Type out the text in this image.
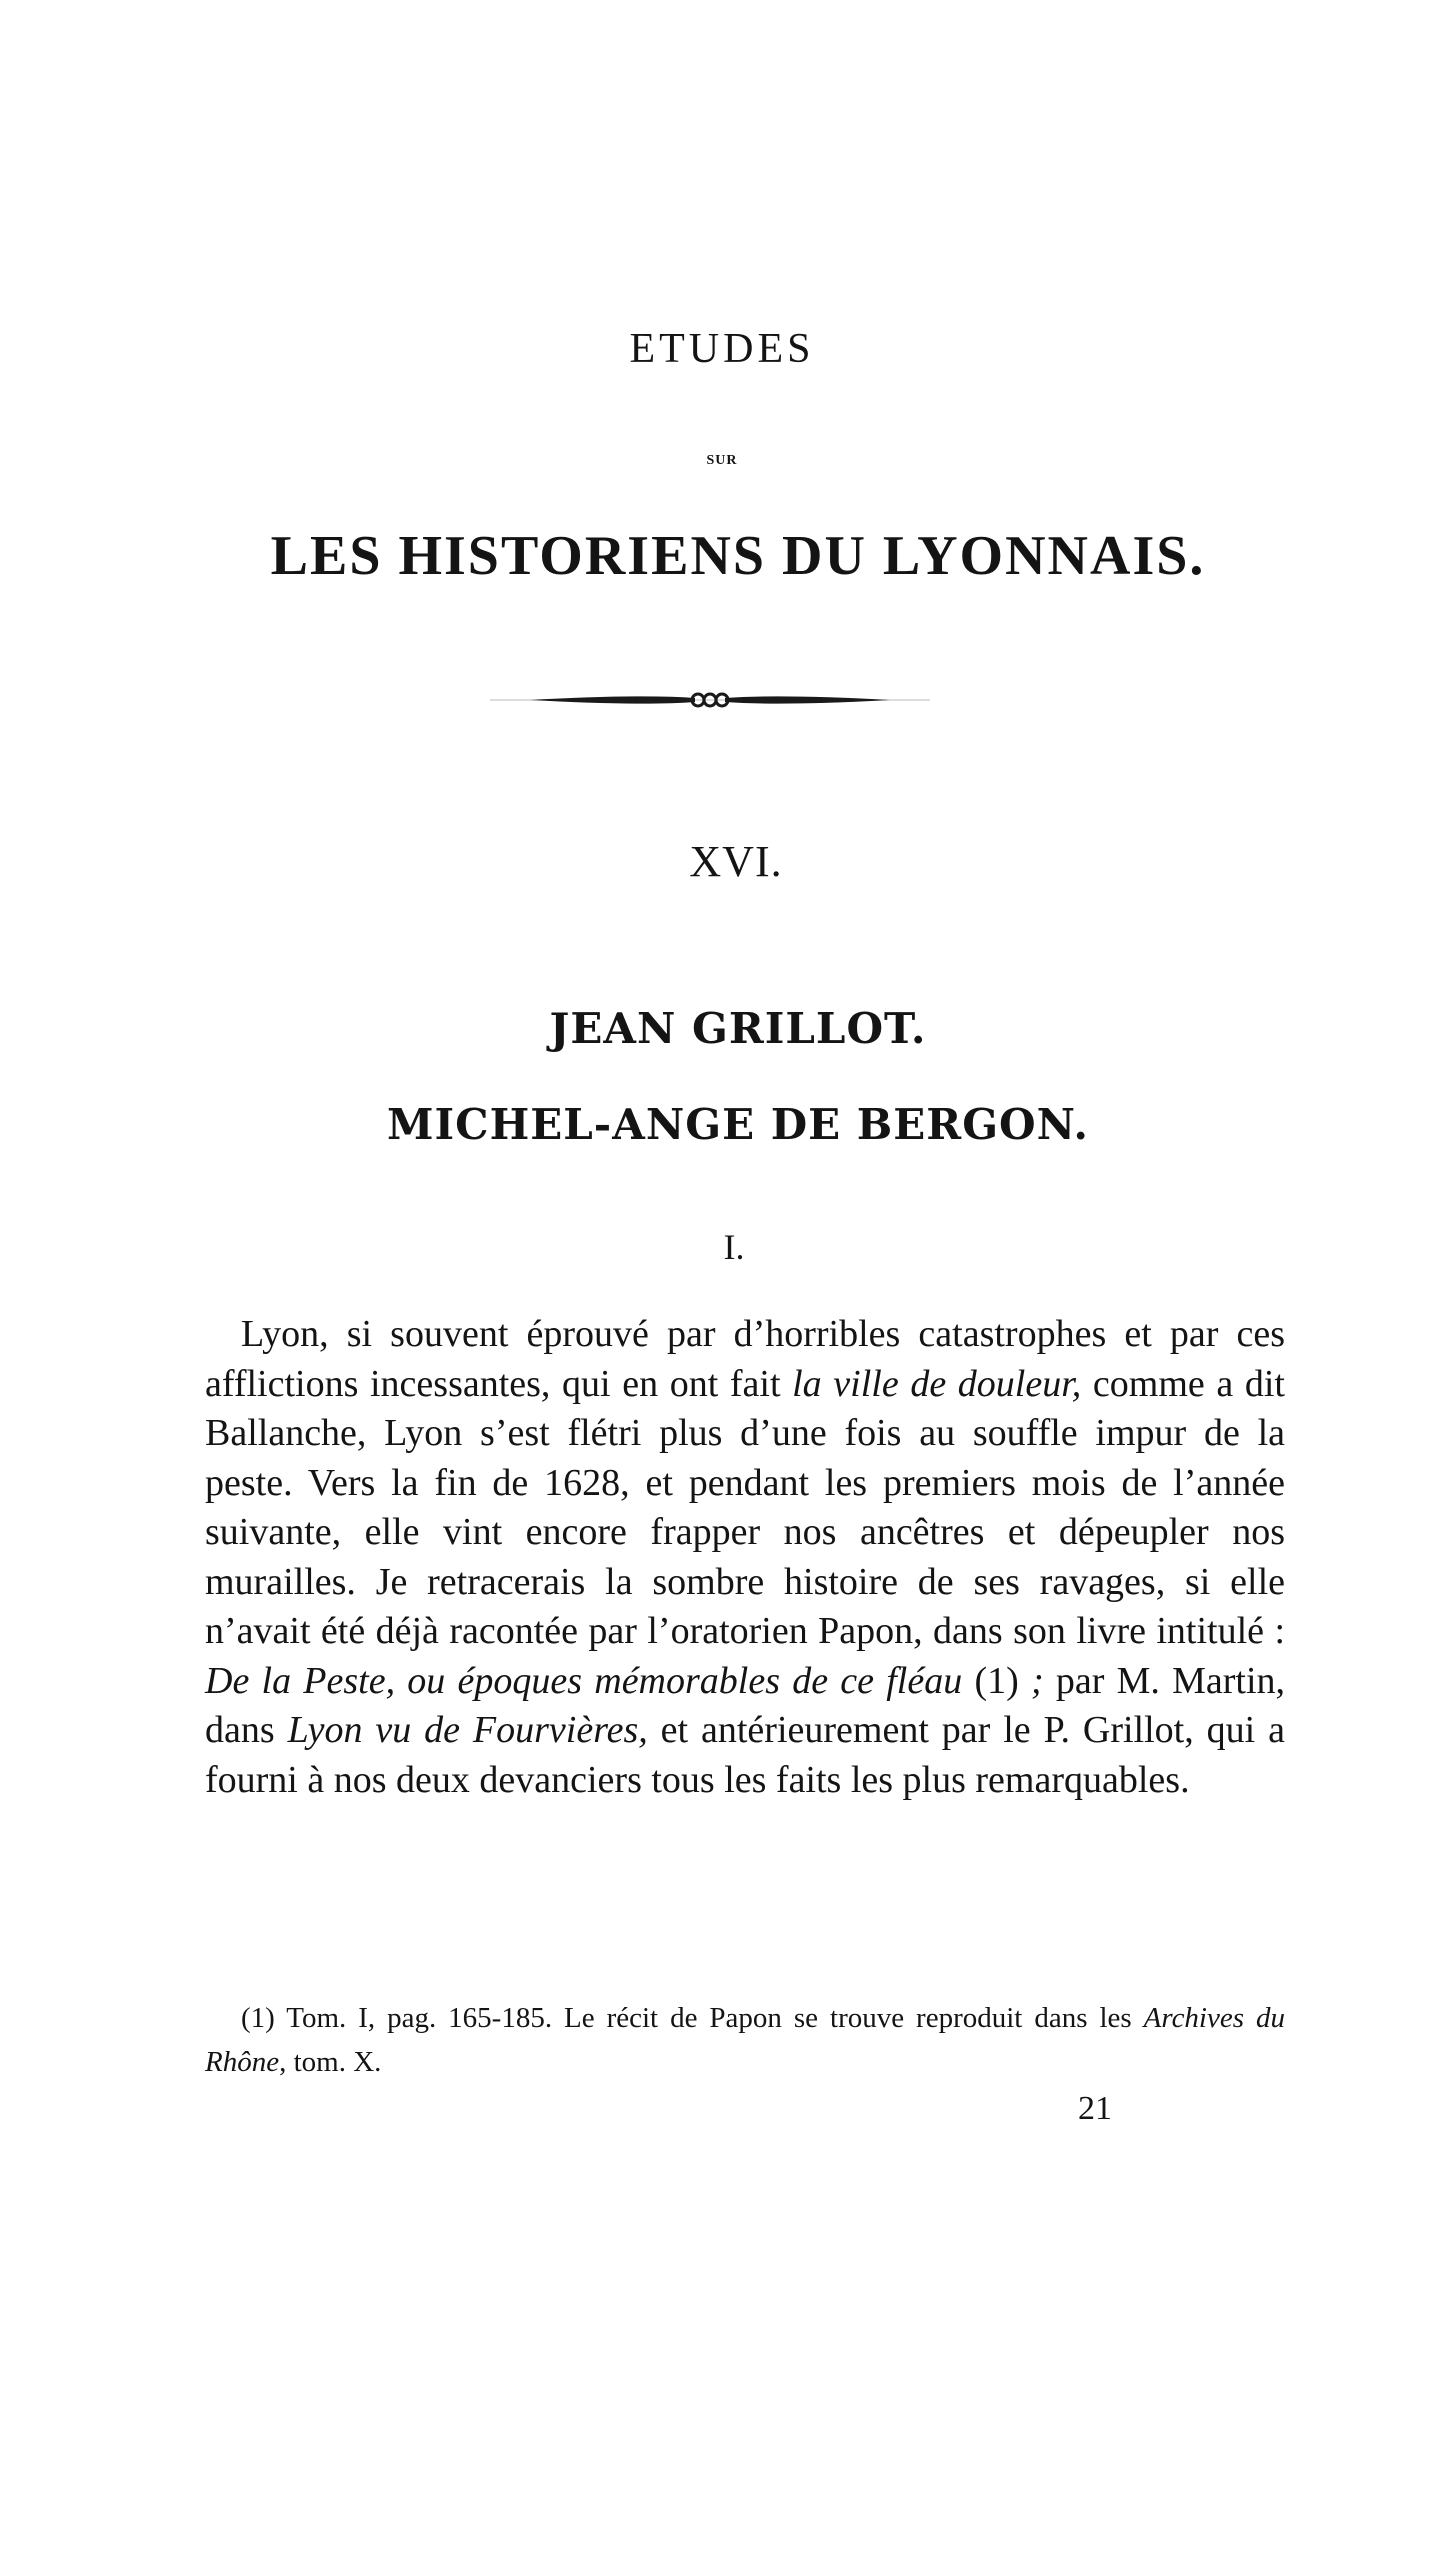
ETUDES
SUR
LES HISTORIENS DU LYONNAIS.
XVI.
JEAN GRILLOT.
MICHEL-ANGE DE BERGON.
I.

Lyon, si souvent éprouvé par d’horribles catastrophes et par ces afflictions incessantes, qui en ont fait la ville de douleur, comme a dit Ballanche, Lyon s’est flétri plus d’une fois au souffle impur de la peste. Vers la fin de 1628, et pendant les premiers mois de l’année suivante, elle vint encore frapper nos ancêtres et dépeupler nos murailles. Je retracerais la sombre histoire de ses ravages, si elle n’avait été déjà racontée par l’oratorien Papon, dans son livre intitulé : De la Peste, ou époques mémorables de ce fléau (1) ; par M. Martin, dans Lyon vu de Fourvières, et antérieurement par le P. Grillot, qui a fourni à nos deux devanciers tous les faits les plus remarquables.

(1) Tom. I, pag. 165-185. Le récit de Papon se trouve reproduit dans les Archives du Rhône, tom. X.

21
